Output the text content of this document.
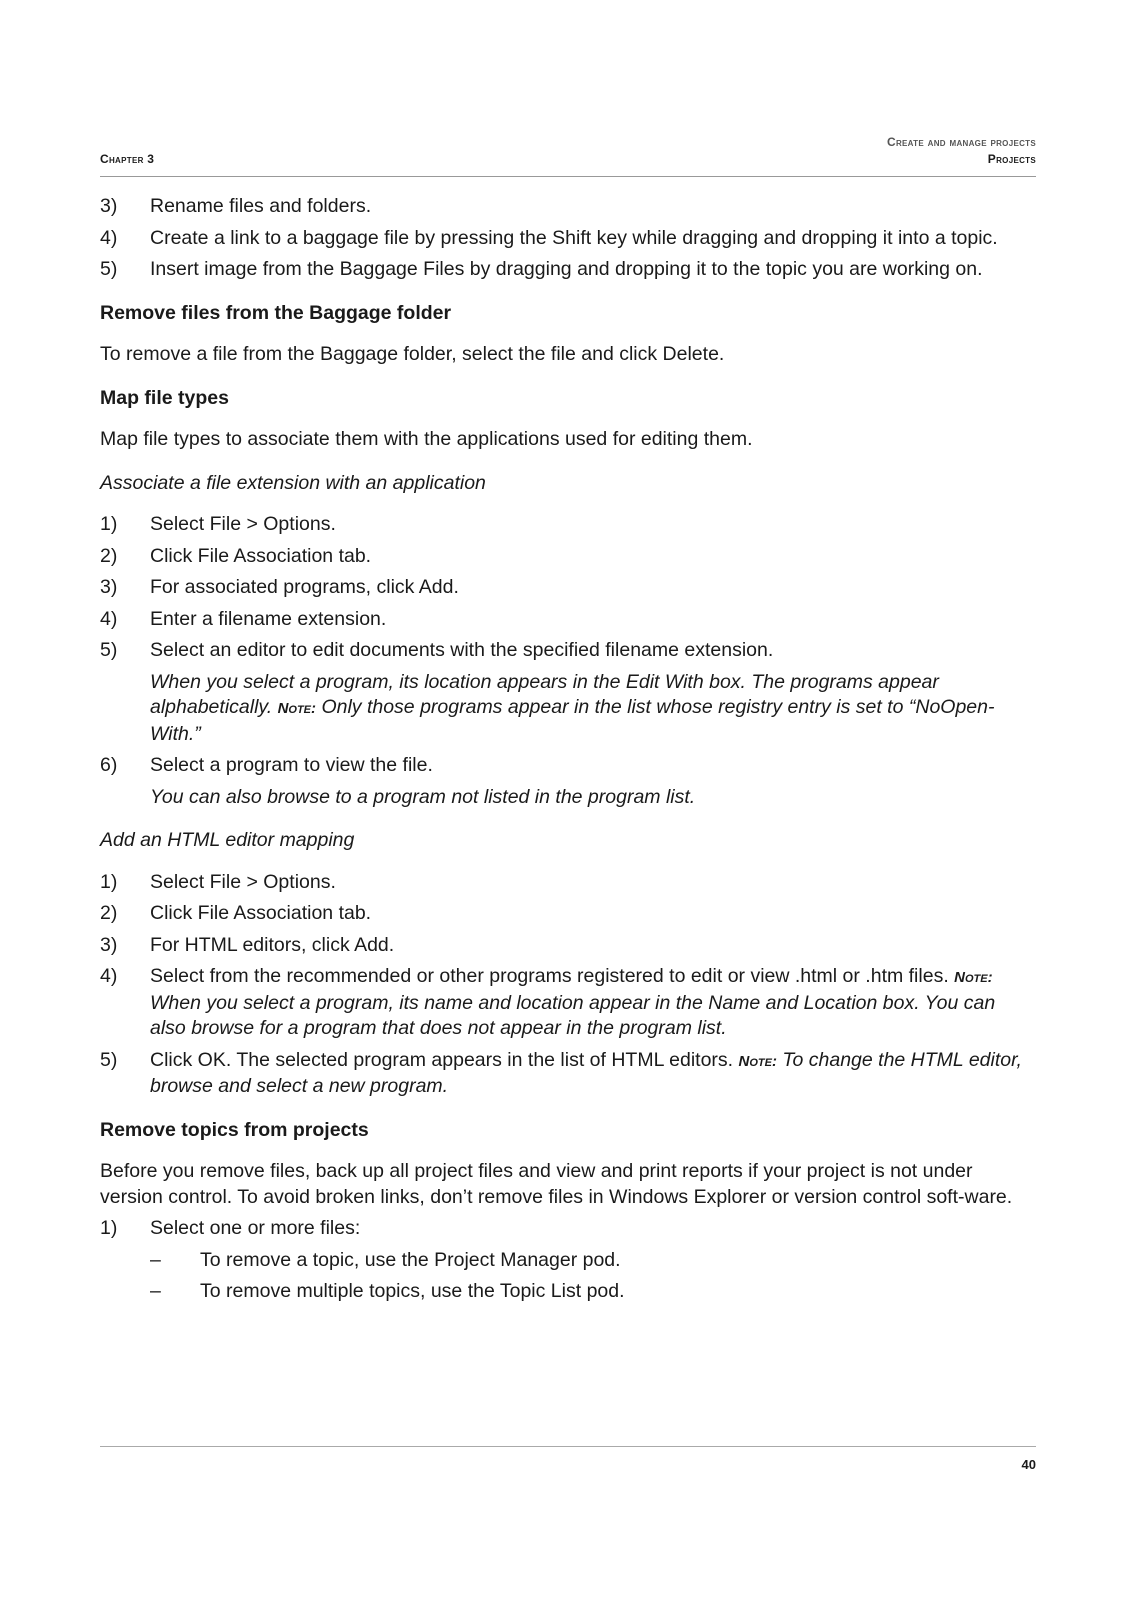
Chapter 3
Create and manage projects
Projects
3) Rename files and folders.
4) Create a link to a baggage file by pressing the Shift key while dragging and dropping it into a topic.
5) Insert image from the Baggage Files by dragging and dropping it to the topic you are working on.
Remove files from the Baggage folder
To remove a file from the Baggage folder, select the file and click Delete.
Map file types
Map file types to associate them with the applications used for editing them.
Associate a file extension with an application
1) Select File > Options.
2) Click File Association tab.
3) For associated programs, click Add.
4) Enter a filename extension.
5) Select an editor to edit documents with the specified filename extension.
When you select a program, its location appears in the Edit With box. The programs appear alphabetically. Note: Only those programs appear in the list whose registry entry is set to “NoOpen-With.”
6) Select a program to view the file.
You can also browse to a program not listed in the program list.
Add an HTML editor mapping
1) Select File > Options.
2) Click File Association tab.
3) For HTML editors, click Add.
4) Select from the recommended or other programs registered to edit or view .html or .htm files. Note: When you select a program, its name and location appear in the Name and Location box. You can also browse for a program that does not appear in the program list.
5) Click OK. The selected program appears in the list of HTML editors. Note: To change the HTML editor, browse and select a new program.
Remove topics from projects
Before you remove files, back up all project files and view and print reports if your project is not under version control. To avoid broken links, don’t remove files in Windows Explorer or version control soft-ware.
1) Select one or more files:
– To remove a topic, use the Project Manager pod.
– To remove multiple topics, use the Topic List pod.
40
